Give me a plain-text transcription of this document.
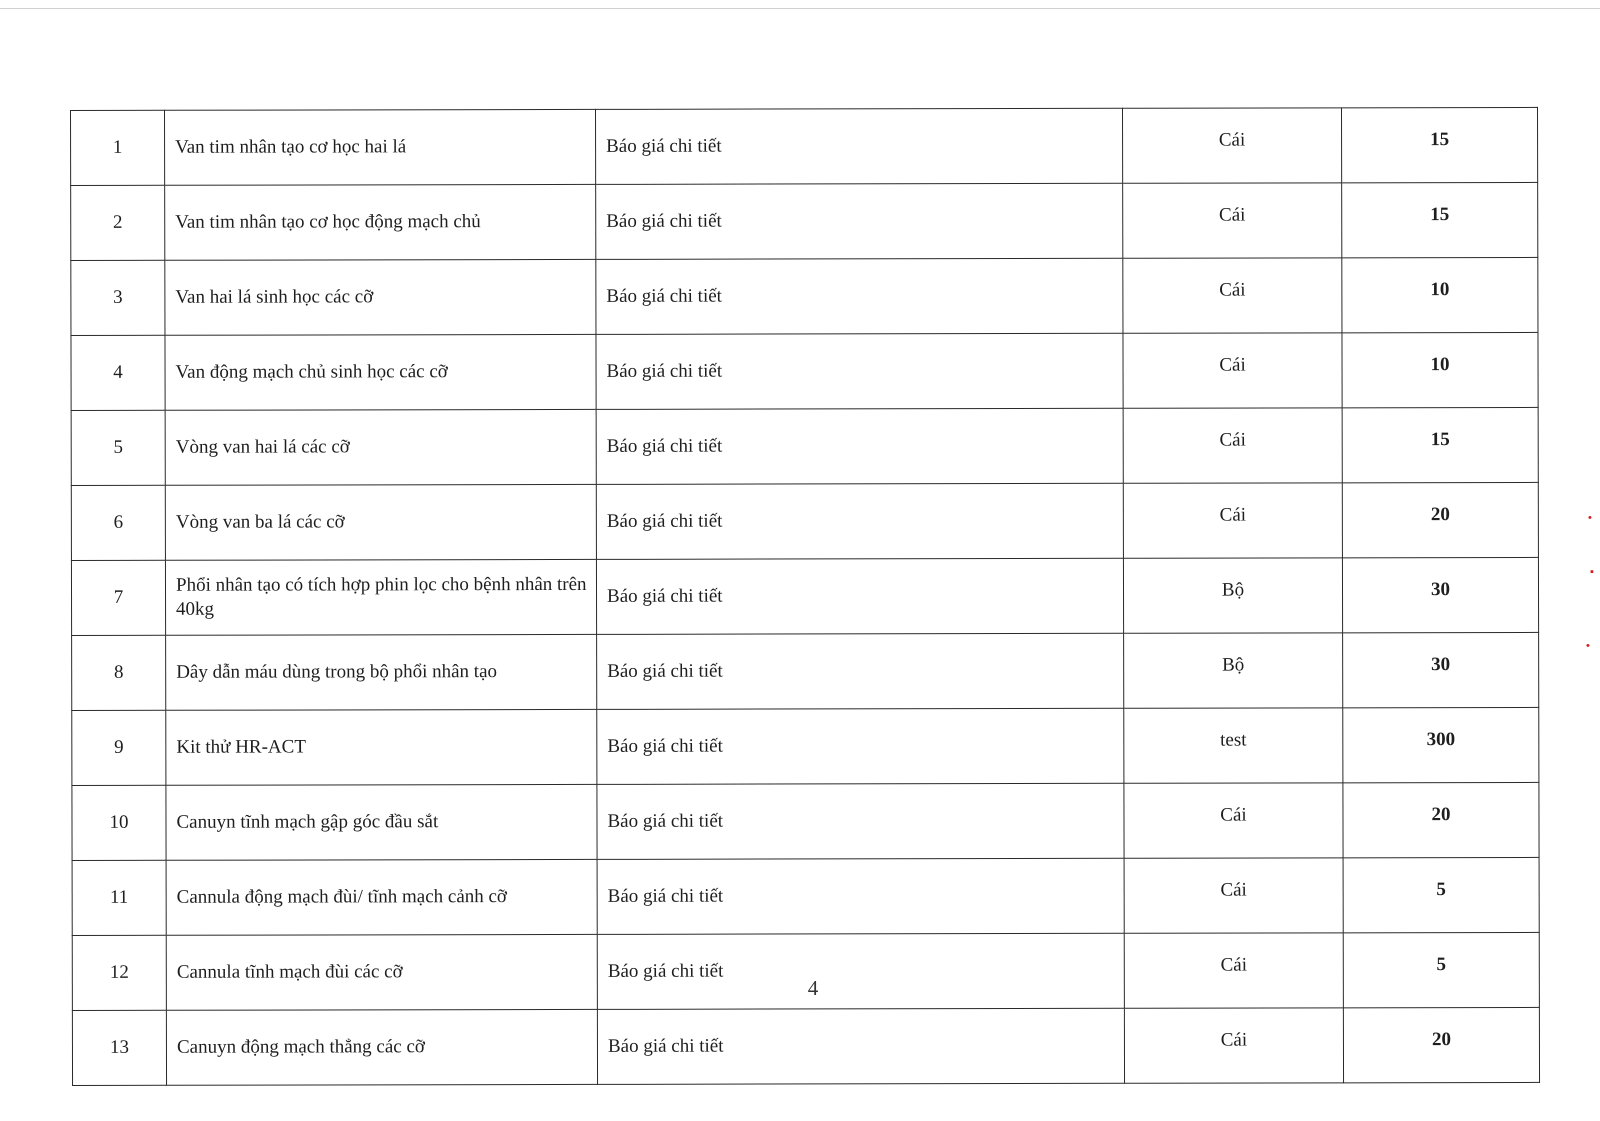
1	Van tim nhân tạo cơ học hai lá	Báo giá chi tiết	Cái	15
2	Van tim nhân tạo cơ học động mạch chủ	Báo giá chi tiết	Cái	15
3	Van hai lá sinh học các cỡ	Báo giá chi tiết	Cái	10
4	Van động mạch chủ sinh học các cỡ	Báo giá chi tiết	Cái	10
5	Vòng van hai lá các cỡ	Báo giá chi tiết	Cái	15
6	Vòng van ba lá các cỡ	Báo giá chi tiết	Cái	20
7	Phổi nhân tạo có tích hợp phin lọc cho bệnh nhân trên 40kg	Báo giá chi tiết	Bộ	30
8	Dây dẫn máu dùng trong bộ phổi nhân tạo	Báo giá chi tiết	Bộ	30
9	Kit thử HR-ACT	Báo giá chi tiết	test	300
10	Canuyn tĩnh mạch gập góc đầu sắt	Báo giá chi tiết	Cái	20
11	Cannula động mạch đùi/ tĩnh mạch cảnh cỡ	Báo giá chi tiết	Cái	5
12	Cannula tĩnh mạch đùi các cỡ	Báo giá chi tiết	Cái	5
13	Canuyn động mạch thẳng các cỡ	Báo giá chi tiết	Cái	20
4
•
▪
•
